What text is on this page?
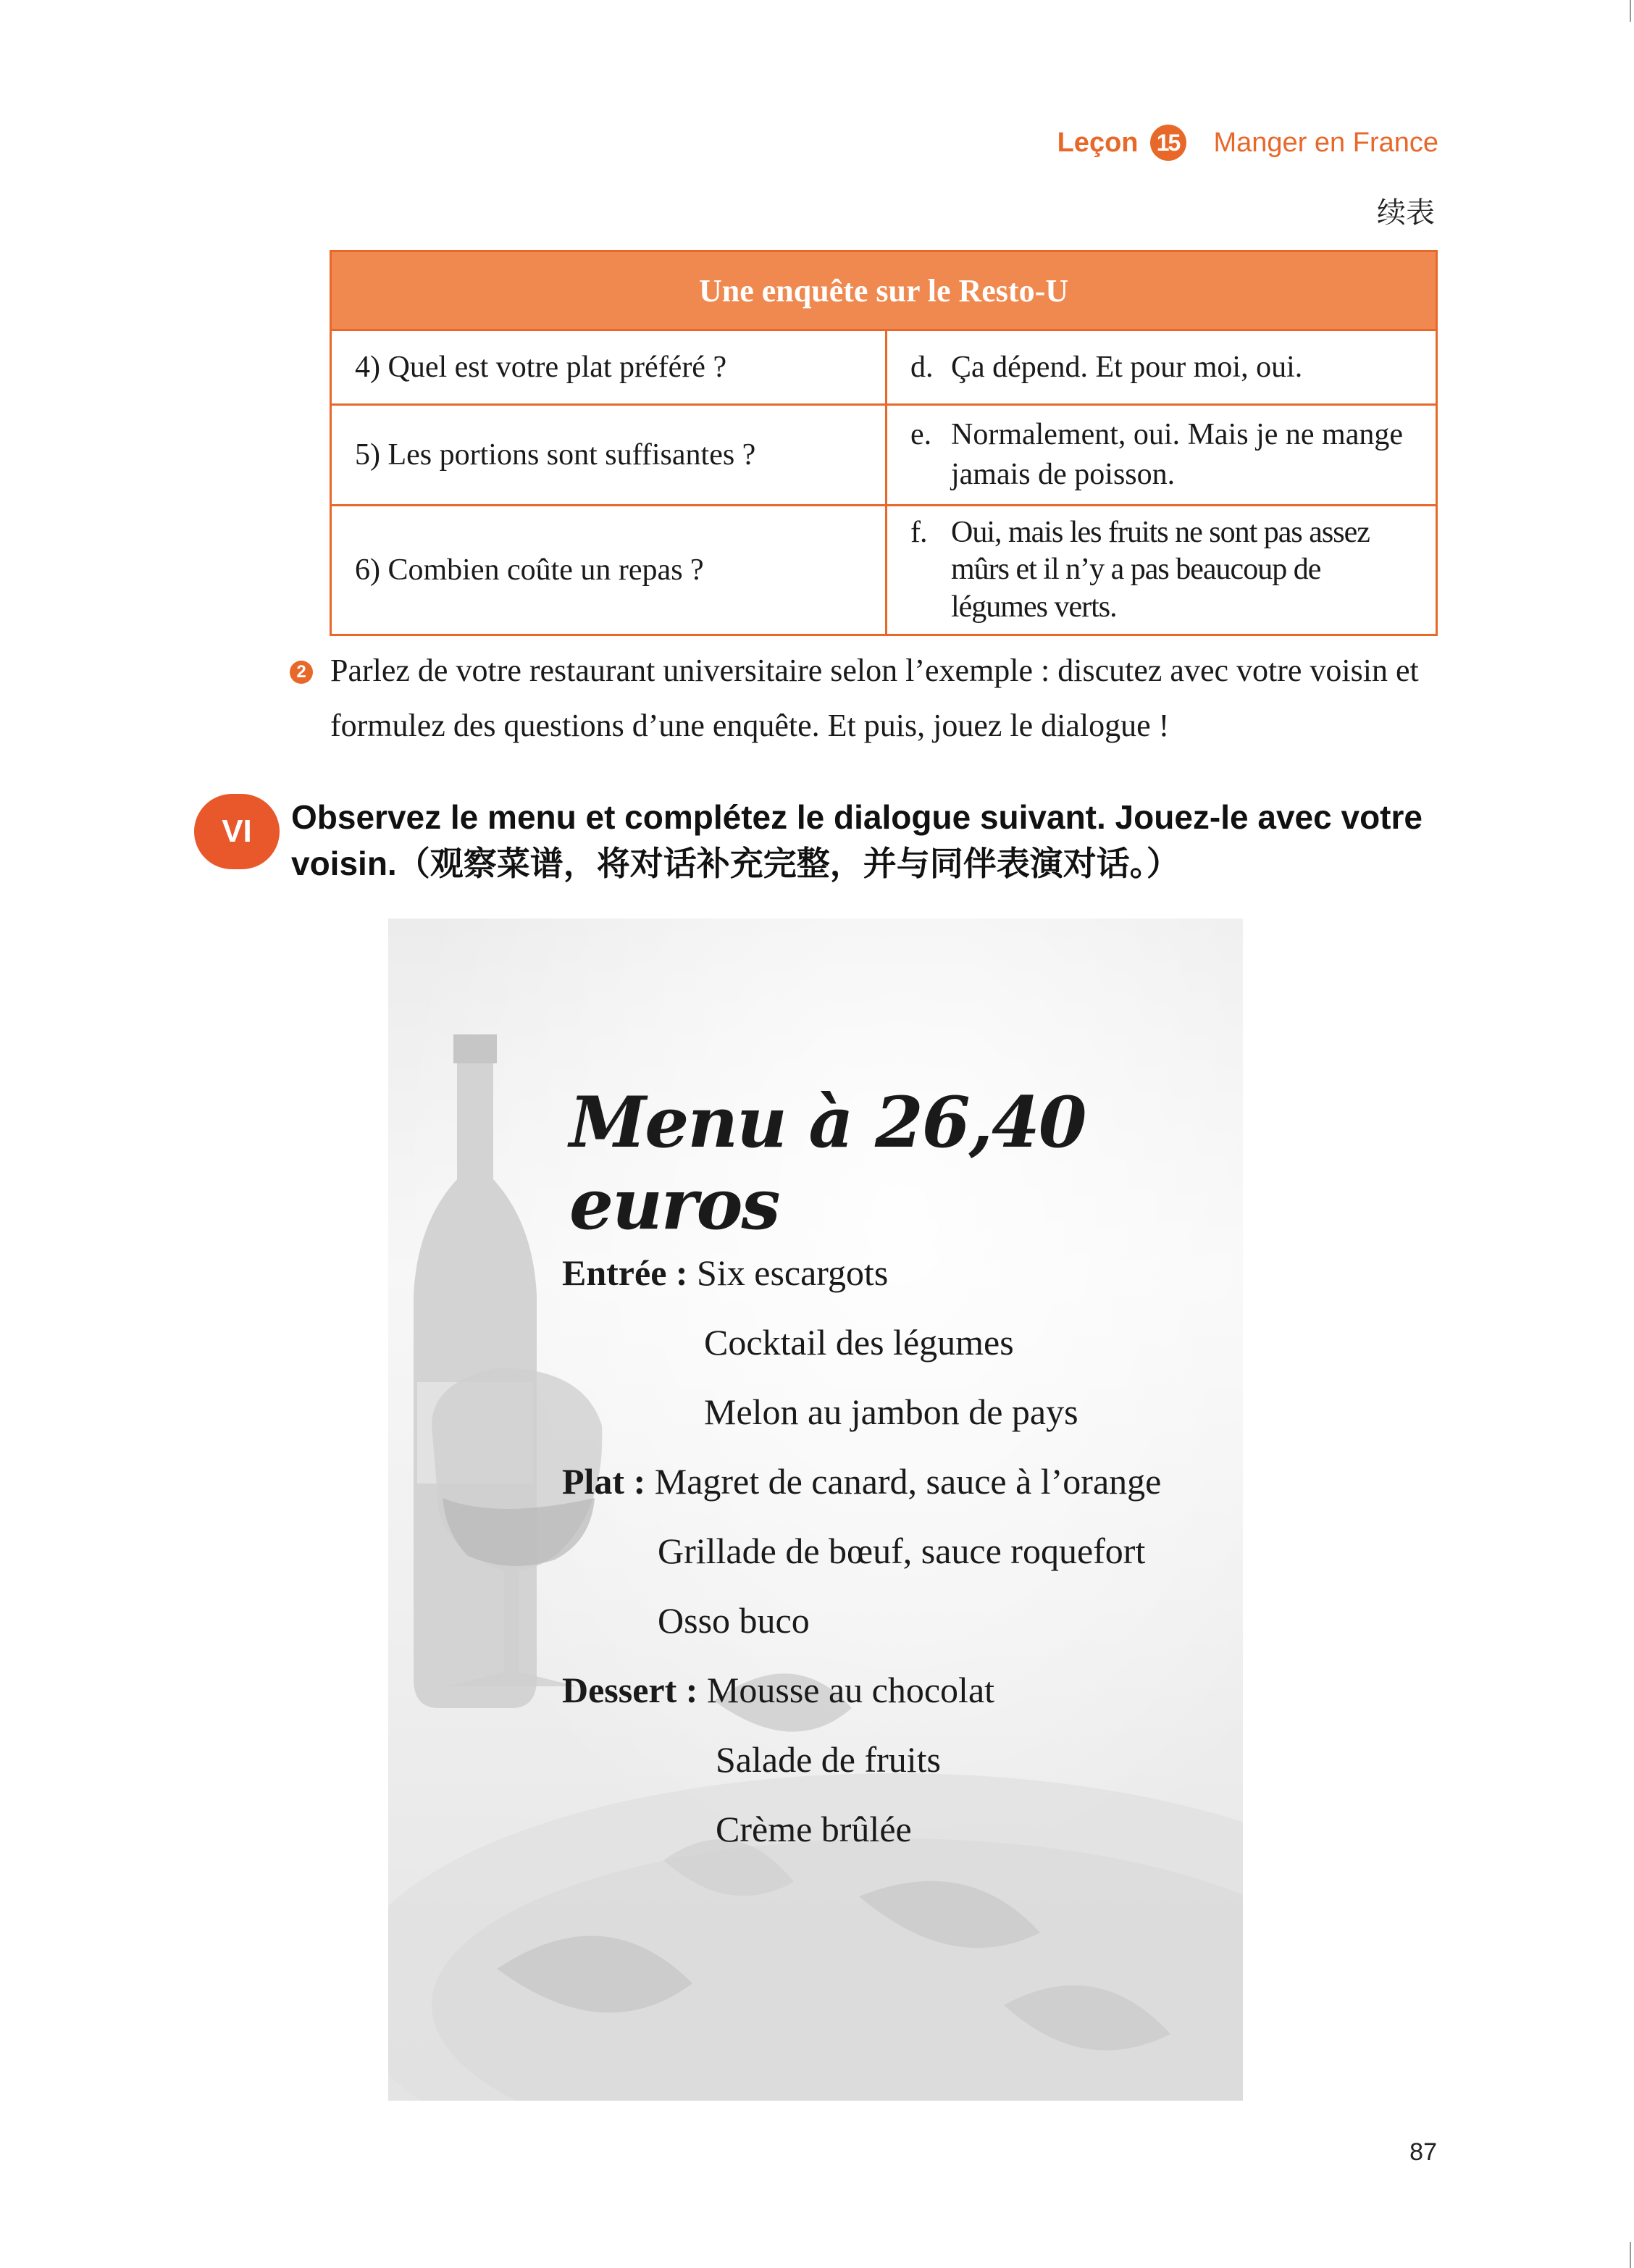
Leçon 15 Manger en France
续表
Une enquête sur le Resto-U	
4) Quel est votre plat préféré ?	d. Ça dépend. Et pour moi, oui.

5) Les portions sont suffisantes ?	e. Normalement, oui. Mais je ne mange jamais de poisson.

6) Combien coûte un repas ?	f. Oui, mais les fruits ne sont pas assez mûrs et il n’y a pas beaucoup de légumes verts.
2 Parlez de votre restaurant universitaire selon l’exemple : discutez avec votre voisin et formulez des questions d’une enquête. Et puis, jouez le dialogue !
VI	Observez le menu et complétez le dialogue suivant. Jouez-le avec votre
voisin.（观察菜谱，将对话补充完整，并与同伴表演对话。）
Menu à 26,40 euros
Entrée : Six escargots
Cocktail des légumes
Melon au jambon de pays
Plat : Magret de canard, sauce à l’orange
Grillade de bœuf, sauce roquefort
Osso buco
Dessert : Mousse au chocolat
Salade de fruits
Crème brûlée
87
